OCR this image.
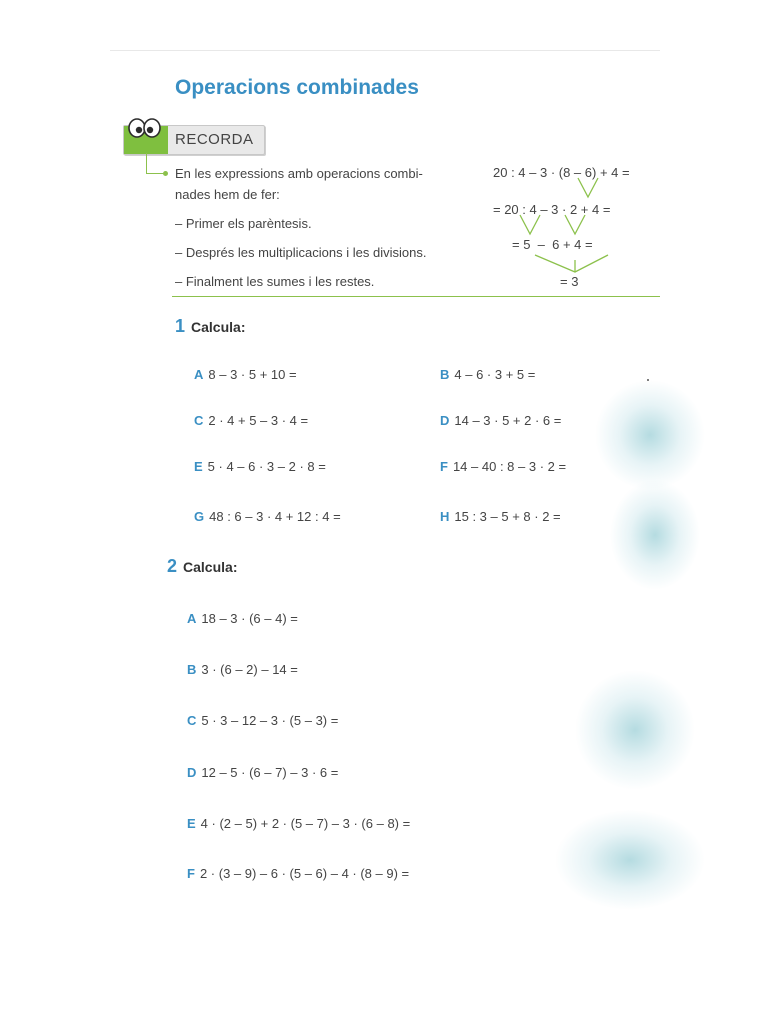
Operacions combinades
RECORDA
En les expressions amb operacions combi-
nades hem de fer:
– Primer els parèntesis.
– Després les multiplicacions i les divisions.
– Finalment les sumes i les restes.
20 : 4 – 3 · (8 – 6) + 4 =
= 20 : 4 – 3 · 2 + 4 =
= 5  –  6 + 4 =
= 3
1 Calcula:
A 8 – 3 · 5 + 10 =	B 4 – 6 · 3 + 5 =
C 2 · 4 + 5 – 3 · 4 =	D 14 – 3 · 5 + 2 · 6 =
E 5 · 4 – 6 · 3 – 2 · 8 =	F 14 – 40 : 8 – 3 · 2 =
G 48 : 6 – 3 · 4 + 12 : 4 =	H 15 : 3 – 5 + 8 · 2 =
2 Calcula:
A 18 – 3 · (6 – 4) =
B 3 · (6 – 2) – 14 =
C 5 · 3 – 12 – 3 · (5 – 3) =
D 12 – 5 · (6 – 7) – 3 · 6 =
E 4 · (2 – 5) + 2 · (5 – 7) – 3 · (6 – 8) =
F 2 · (3 – 9) – 6 · (5 – 6) – 4 · (8 – 9) =
